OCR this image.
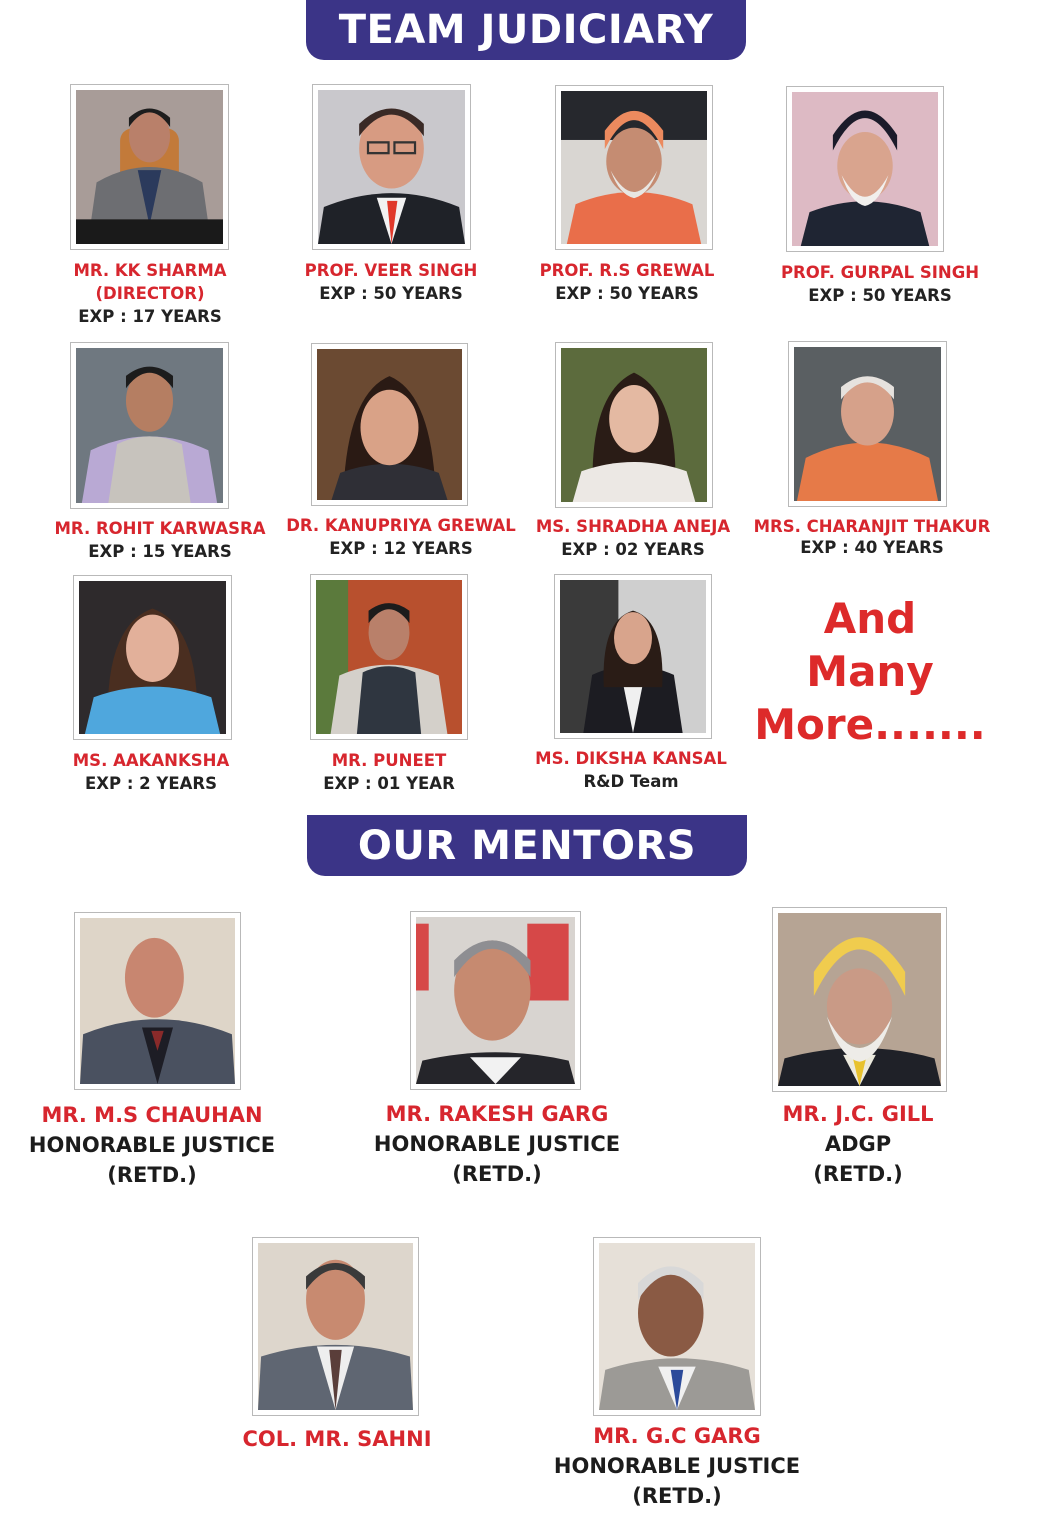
TEAM JUDICIARY
MR. KK SHARMA
(DIRECTOR)
EXP : 17 YEARS
PROF. VEER SINGH
EXP : 50 YEARS
PROF. R.S GREWAL
EXP : 50 YEARS
PROF. GURPAL SINGH
EXP : 50 YEARS
MR. ROHIT KARWASRA
EXP : 15 YEARS
DR. KANUPRIYA GREWAL
EXP : 12 YEARS
MS. SHRADHA ANEJA
EXP : 02 YEARS
MRS. CHARANJIT THAKUR
EXP : 40 YEARS
MS. AAKANKSHA
EXP : 2 YEARS
MR. PUNEET
EXP : 01 YEAR
MS. DIKSHA KANSAL
R&D Team
And
Many
More.......
OUR MENTORS
MR. M.S CHAUHAN
HONORABLE JUSTICE
(RETD.)
MR. RAKESH GARG
HONORABLE JUSTICE
(RETD.)
MR. J.C. GILL
ADGP
(RETD.)
COL. MR. SAHNI	MR. G.C GARG
HONORABLE JUSTICE
(RETD.)
